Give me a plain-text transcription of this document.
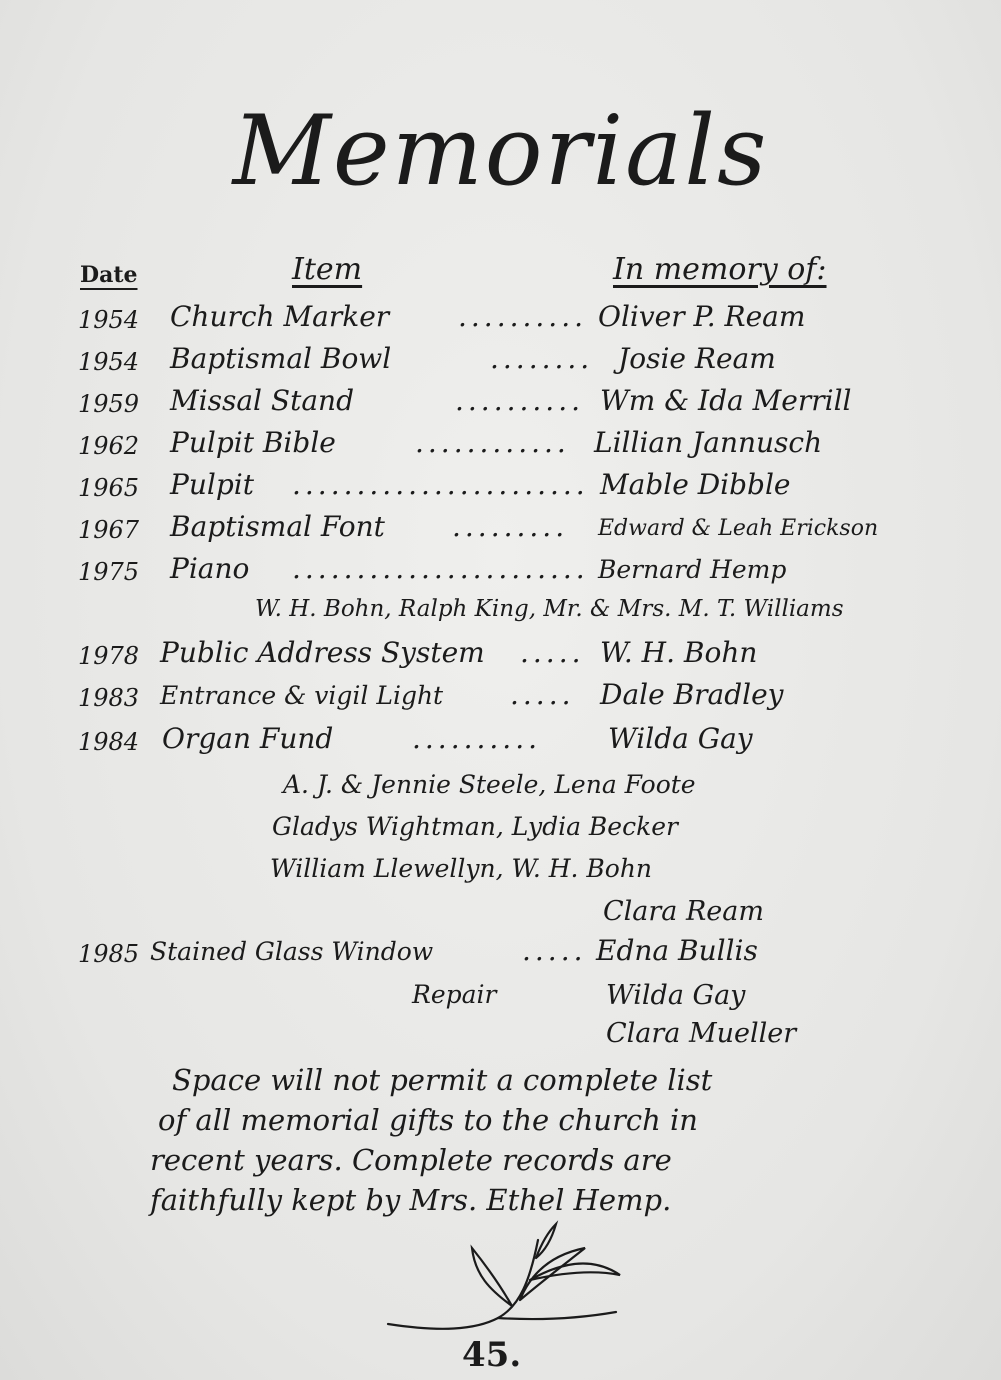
Memorials
Date	Item	In memory of:
1954 Church Marker .......... Oliver P. Ream
1954 Baptismal Bowl	........ Josie Ream
1959 Missal Stand	.......... Wm & Ida Merrill
1962 Pulpit Bible	............ Lillian Jannusch
1965 Pulpit ....................... Mable Dibble
1967 Baptismal Font .........	Edward & Leah Erickson
1975 Piano ....................... Bernard Hemp
W. H. Bohn, Ralph King, Mr. & Mrs. M. T. Williams
1978 Public Address System ..... W. H. Bohn
1983 Entrance & vigil Light ..... Dale Bradley
1984 Organ Fund	..........	Wilda Gay
A. J. & Jennie Steele, Lena Foote
Gladys Wightman, Lydia Becker
William Llewellyn, W. H. Bohn
Clara Ream
1985 Stained Glass Window	..... Edna Bullis
Repair	Wilda Gay
Clara Mueller
Space will not permit a complete list
of all memorial gifts to the church in
recent years. Complete records are
faithfully kept by Mrs. Ethel Hemp.
45.
